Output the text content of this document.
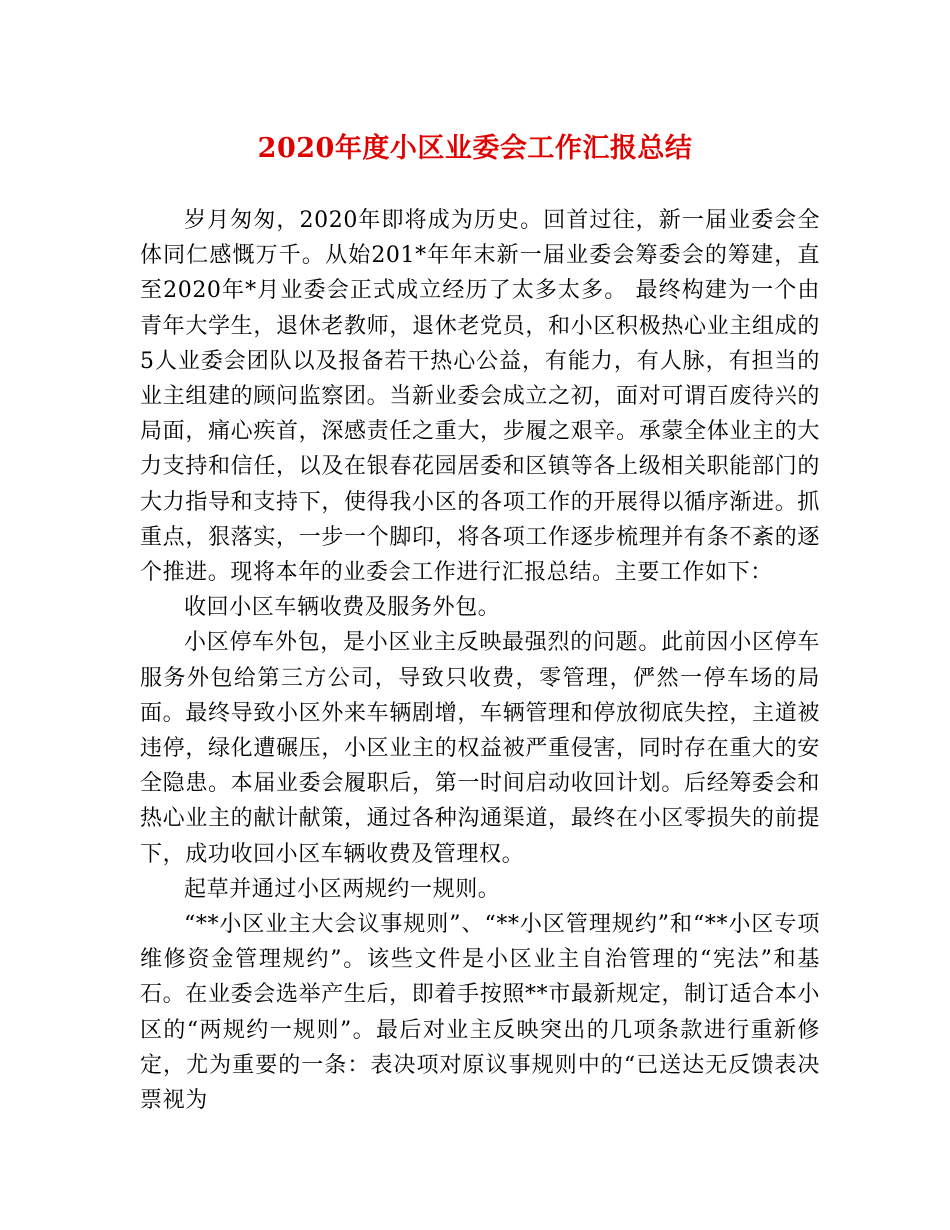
2020年度小区业委会工作汇报总结

岁月匆匆，2020年即将成为历史。回首过往，新一届业委会全体同仁感慨万千。从始201*年年末新一届业委会筹委会的筹建，直至2020年*月业委会正式成立经历了太多太多。 最终构建为一个由青年大学生，退休老教师，退休老党员，和小区积极热心业主组成的5人业委会团队以及报备若干热心公益，有能力，有人脉，有担当的业主组建的顾问监察团。当新业委会成立之初，面对可谓百废待兴的局面，痛心疾首，深感责任之重大，步履之艰辛。承蒙全体业主的大力支持和信任，以及在银春花园居委和区镇等各上级相关职能部门的大力指导和支持下，使得我小区的各项工作的开展得以循序渐进。抓重点，狠落实，一步一个脚印，将各项工作逐步梳理并有条不紊的逐个推进。现将本年的业委会工作进行汇报总结。主要工作如下：

收回小区车辆收费及服务外包。

小区停车外包，是小区业主反映最强烈的问题。此前因小区停车服务外包给第三方公司，导致只收费，零管理，俨然一停车场的局面。最终导致小区外来车辆剧增，车辆管理和停放彻底失控，主道被违停，绿化遭碾压，小区业主的权益被严重侵害，同时存在重大的安全隐患。本届业委会履职后，第一时间启动收回计划。后经筹委会和热心业主的献计献策，通过各种沟通渠道，最终在小区零损失的前提下，成功收回小区车辆收费及管理权。

起草并通过小区两规约一规则。

“**小区业主大会议事规则”、“**小区管理规约”和“**小区专项维修资金管理规约”。该些文件是小区业主自治管理的“宪法”和基石。在业委会选举产生后，即着手按照**市最新规定，制订适合本小区的“两规约一规则”。最后对业主反映突出的几项条款进行重新修定，尤为重要的一条：表决项对原议事规则中的“已送达无反馈表决票视为
